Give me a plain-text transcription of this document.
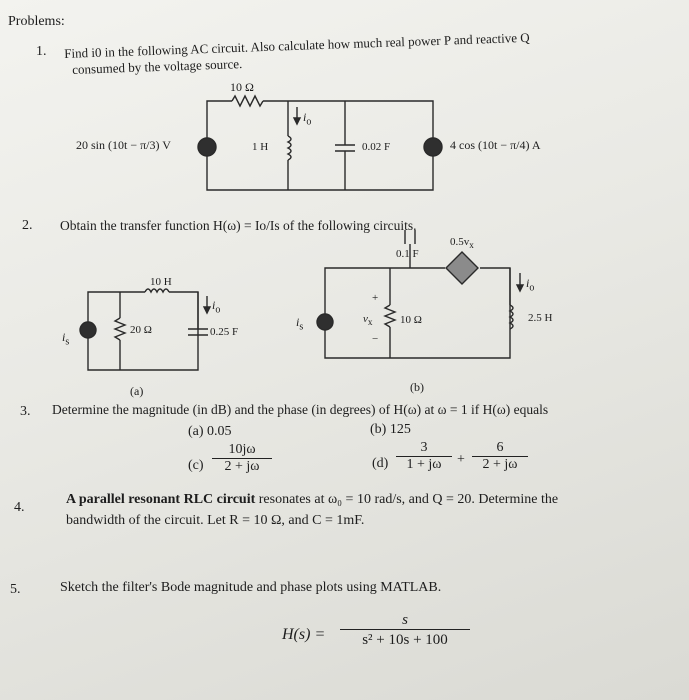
Problems:
1. Find i0 in the following AC circuit. Also calculate how much real power P and reactive Q
consumed by the voltage source.
10 Ω
$i_o$
20 sin (10t − π/3) V	1 H	0.02 F	4 cos (10t − π/4) A
2. Obtain the transfer function H(ω) = Io/Is of the following circuits.
10 H
$i_s$
20 Ω	0.25 F
$i_o$
(a)
0.1 F
$0.5v_x$
$i_s$
+
$v_x$
−
10 Ω	2.5 H
$i_o$
(b)
3. Determine the magnitude (in dB) and the phase (in degrees) of H(ω) at ω = 1 if H(ω) equals
(a) 0.05	(b) 125
$(c) \frac{10j\omega}{2 + j\omega}$	$(d) \frac{3}{1 + j\omega} + \frac{6}{2 + j\omega}$
4.
A parallel resonant RLC circuit resonates at ω₀ = 10 rad/s, and Q = 20. Determine the
bandwidth of the circuit. Let R = 10 Ω, and C = 1mF.
5.	Sketch the filter's Bode magnitude and phase plots using MATLAB.
$H(s) = \frac{s}{\text{s² + 10s + 100}}$
